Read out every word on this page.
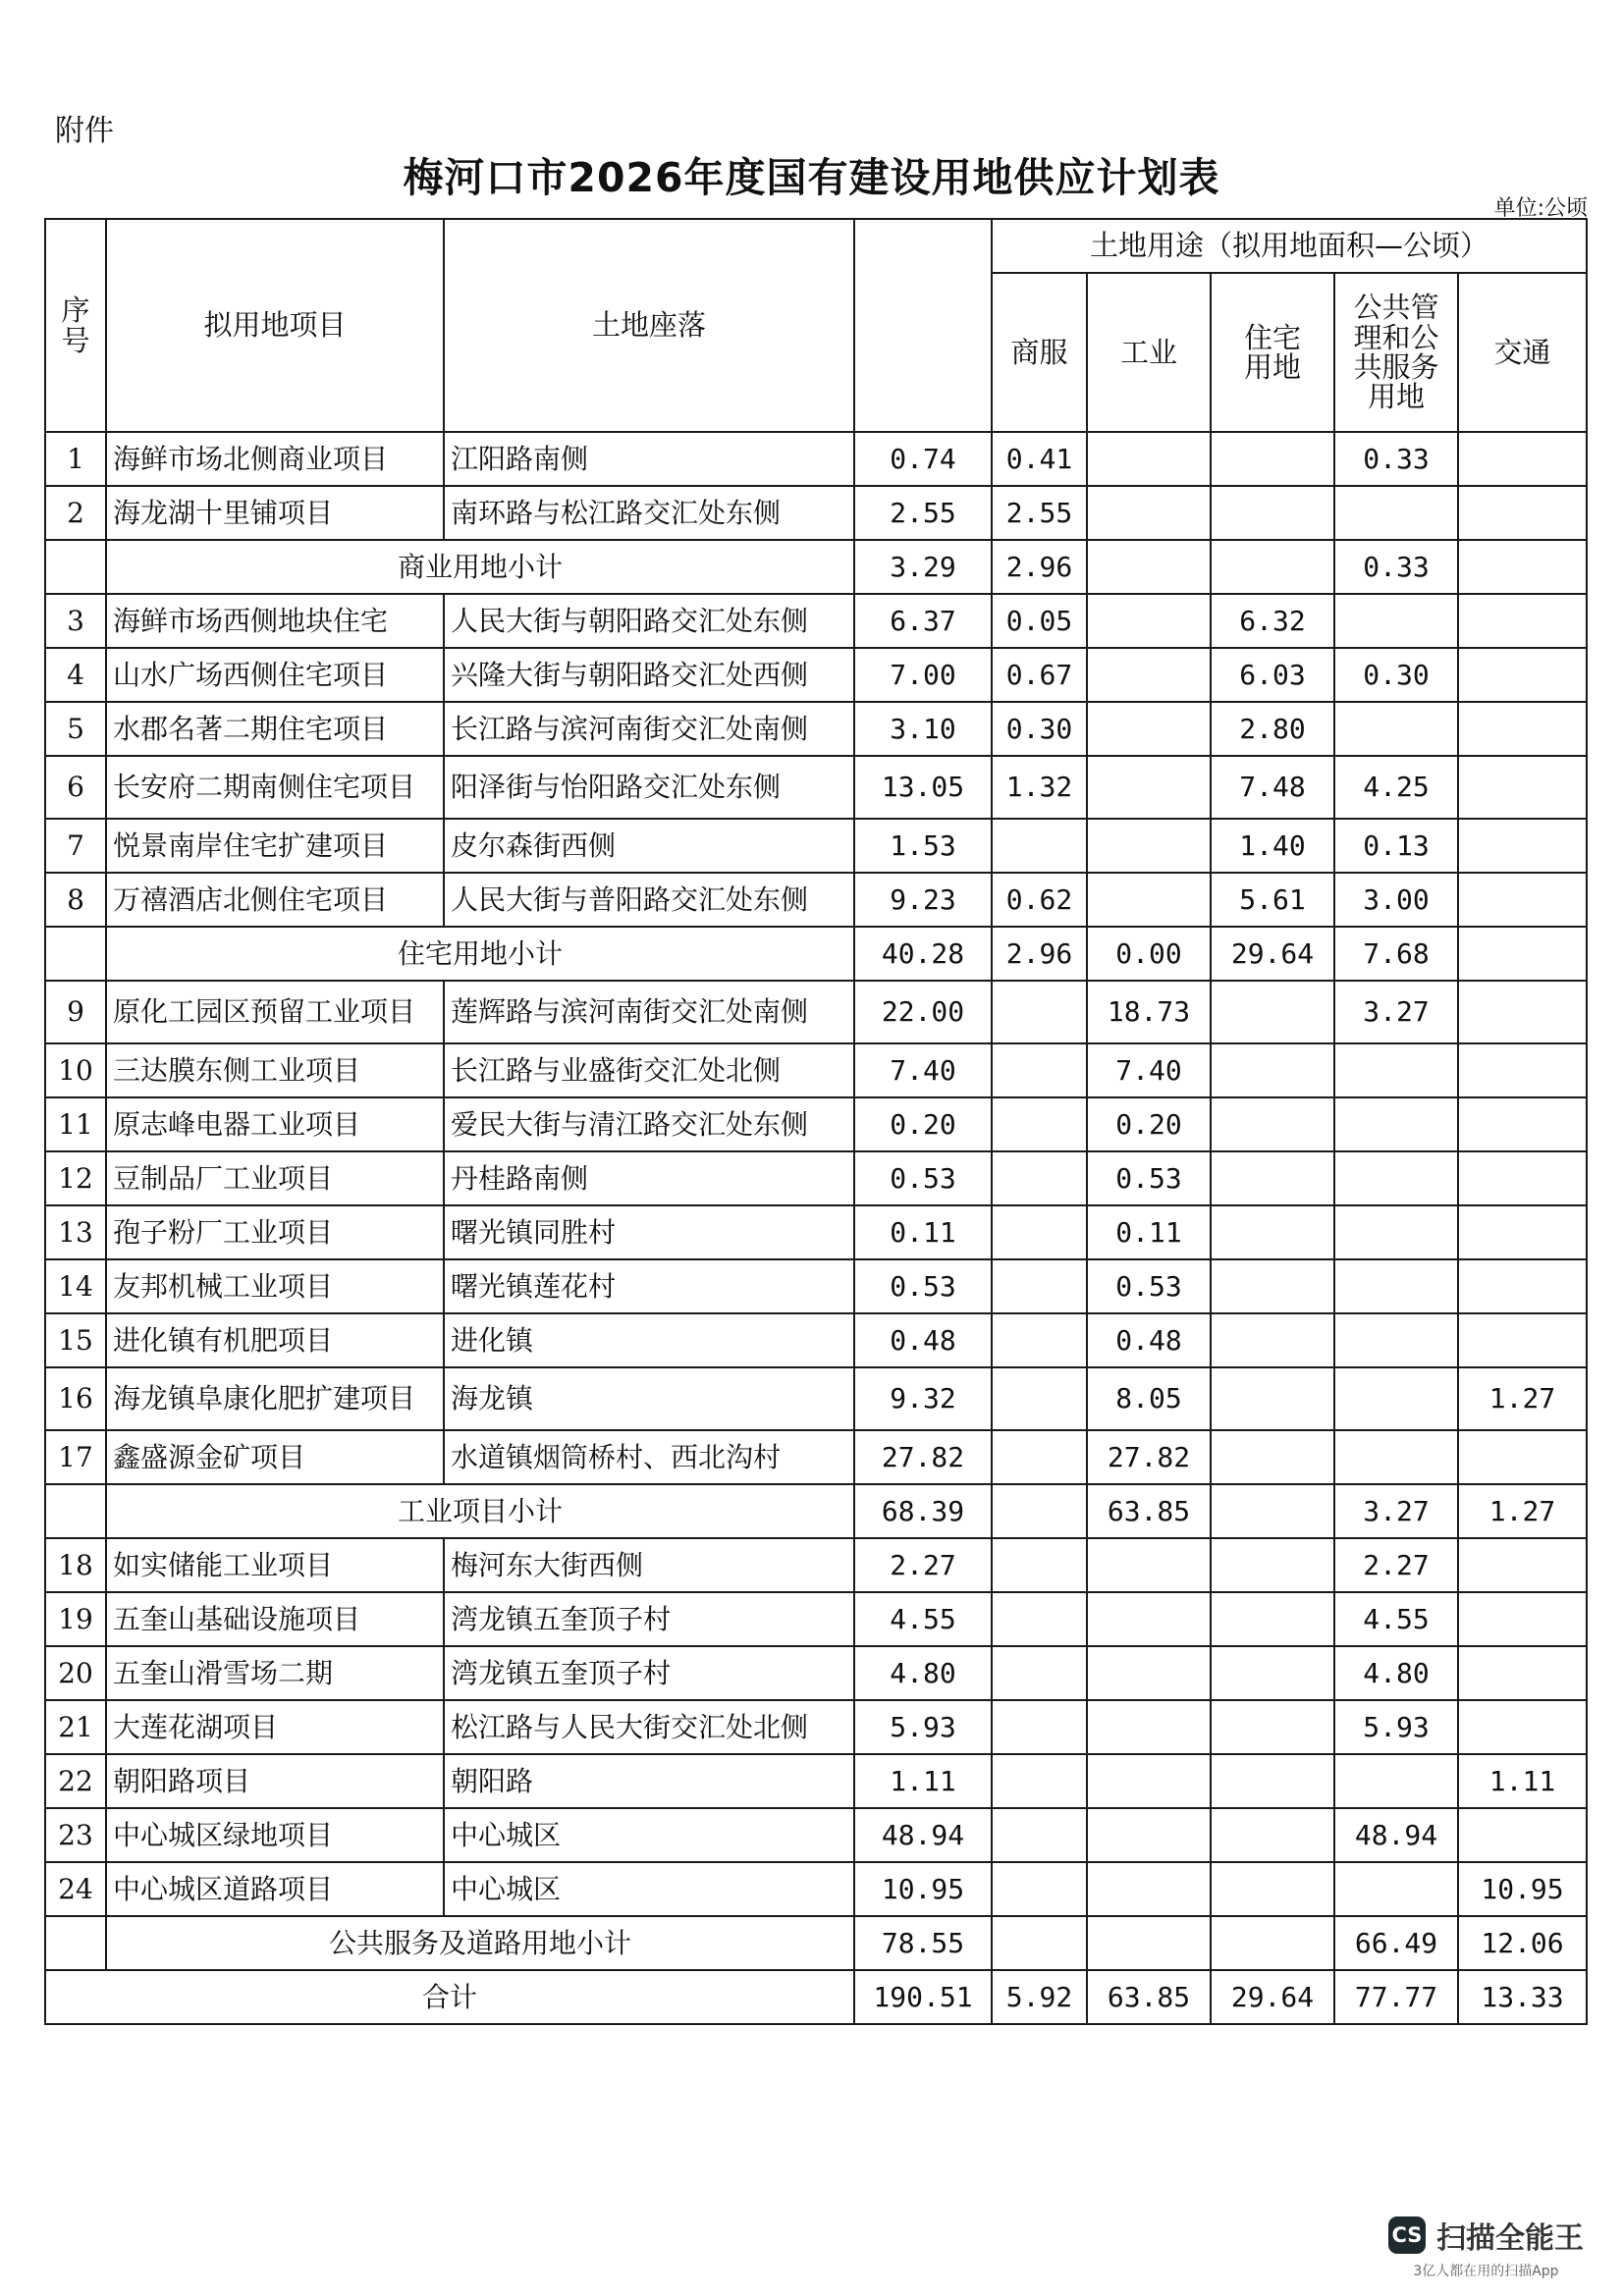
附件
梅河口市2026年度国有建设用地供应计划表
单位:公顷
序号	拟用地项目	土地座落		土地用途（拟用地面积—公顷）				
				商服	工业	住宅用地	公共管理和公共服务用地	交通
1	海鲜市场北侧商业项目	江阳路南侧	0.74	0.41			0.33	
2	海龙湖十里铺项目	南环路与松江路交汇处东侧	2.55	2.55				
	商业用地小计		3.29	2.96			0.33	
3	海鲜市场西侧地块住宅	人民大街与朝阳路交汇处东侧	6.37	0.05		6.32		
4	山水广场西侧住宅项目	兴隆大街与朝阳路交汇处西侧	7.00	0.67		6.03	0.30	
5	水郡名著二期住宅项目	长江路与滨河南街交汇处南侧	3.10	0.30		2.80		
6	长安府二期南侧住宅项目	阳泽街与怡阳路交汇处东侧	13.05	1.32		7.48	4.25	
7	悦景南岸住宅扩建项目	皮尔森街西侧	1.53			1.40	0.13	
8	万禧酒店北侧住宅项目	人民大街与普阳路交汇处东侧	9.23	0.62		5.61	3.00	
	住宅用地小计		40.28	2.96	0.00	29.64	7.68	
9	原化工园区预留工业项目	莲辉路与滨河南街交汇处南侧	22.00		18.73		3.27	
10	三达膜东侧工业项目	长江路与业盛街交汇处北侧	7.40		7.40			
11	原志峰电器工业项目	爱民大街与清江路交汇处东侧	0.20		0.20			
12	豆制品厂工业项目	丹桂路南侧	0.53		0.53			
13	孢子粉厂工业项目	曙光镇同胜村	0.11		0.11			
14	友邦机械工业项目	曙光镇莲花村	0.53		0.53			
15	进化镇有机肥项目	进化镇	0.48		0.48			
16	海龙镇阜康化肥扩建项目	海龙镇	9.32		8.05			1.27
17	鑫盛源金矿项目	水道镇烟筒桥村、西北沟村	27.82		27.82			
	工业项目小计		68.39		63.85		3.27	1.27
18	如实储能工业项目	梅河东大街西侧	2.27				2.27	
19	五奎山基础设施项目	湾龙镇五奎顶子村	4.55				4.55	
20	五奎山滑雪场二期	湾龙镇五奎顶子村	4.80				4.80	
21	大莲花湖项目	松江路与人民大街交汇处北侧	5.93				5.93	
22	朝阳路项目	朝阳路	1.11					1.11
23	中心城区绿地项目	中心城区	48.94				48.94	
24	中心城区道路项目	中心城区	10.95					10.95
	公共服务及道路用地小计		78.55				66.49	12.06
合计			190.51	5.92	63.85	29.64	77.77	13.33
CS 扫描全能王
3亿人都在用的扫描App
